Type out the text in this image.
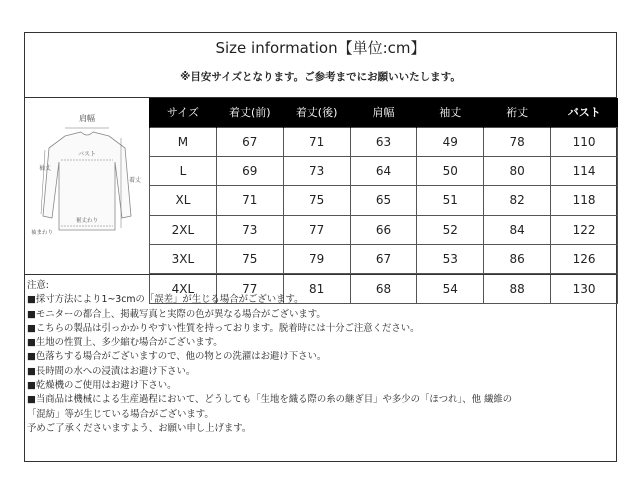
Size information【単位:cm】
※目安サイズとなります。ご参考までにお願いいたします。
肩幅
バスト
袖丈
着丈
裾丈わり
袖まわり
サイズ	着丈(前)	着丈(後)	肩幅	袖丈	裄丈	バスト
M	67	71	63	49	78	110
L	69	73	64	50	80	114
XL	71	75	65	51	82	118
2XL	73	77	66	52	84	122
3XL	75	79	67	53	86	126
4XL	77	81	68	54	88	130
注意:
■採寸方法により1~3cmの「誤差」が生じる場合がございます。
■モニターの都合上、掲載写真と実際の色が異なる場合がございます。
■こちらの製品は引っかかりやすい性質を持っております。脱着時には十分ご注意ください。
■生地の性質上、多少縮む場合がございます。
■色落ちする場合がございますので、他の物との洗濯はお避け下さい。
■長時間の水への浸漬はお避け下さい。
■乾燥機のご使用はお避け下さい。
■当商品は機械による生産過程において、どうしても「生地を織る際の糸の継ぎ目」や多少の「ほつれ」、他 繊維の
「混紡」等が生じている場合がございます。
予めご了承くださいますよう、お願い申し上げます。
